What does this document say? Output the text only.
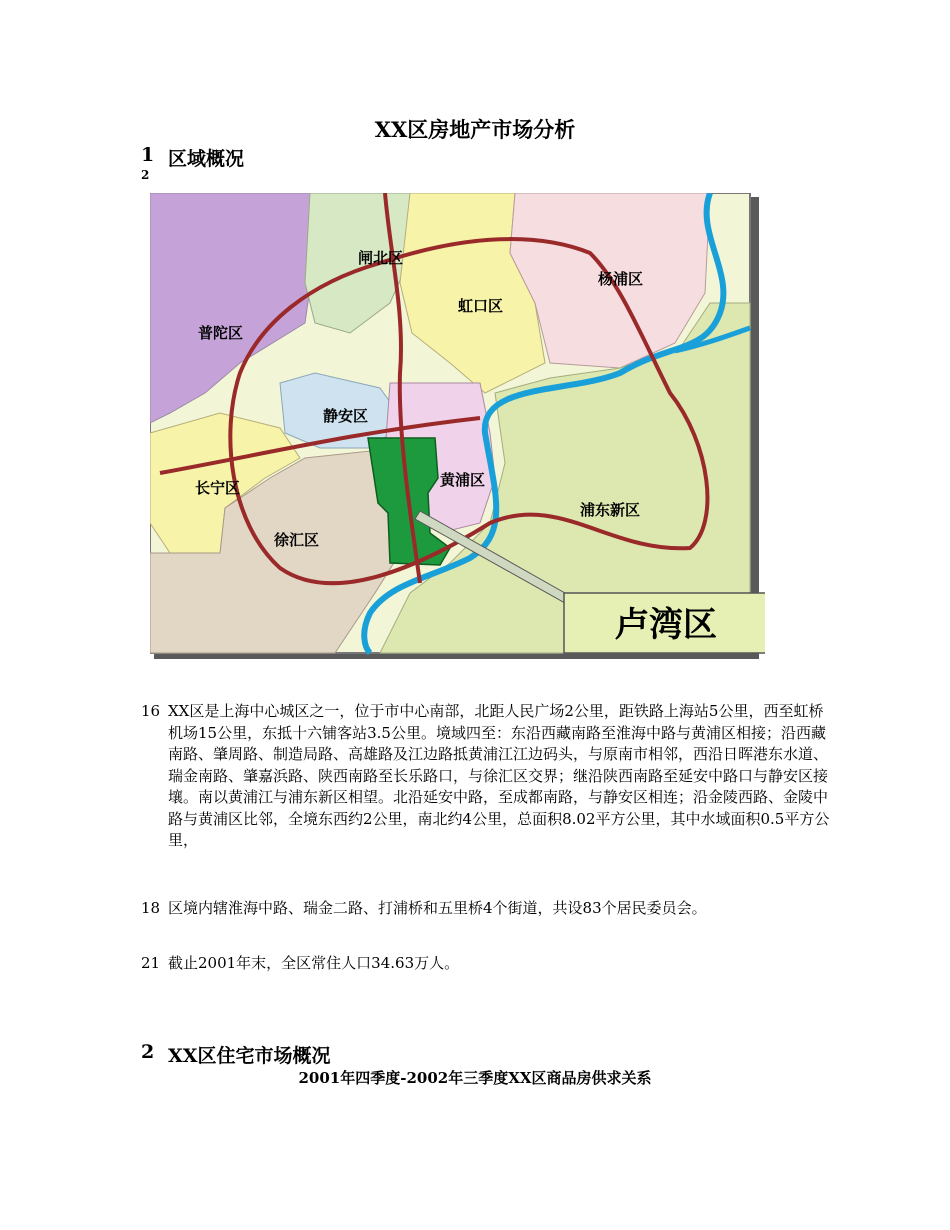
XX区房地产市场分析
1 区域概况
2
闸北区
杨浦区
虹口区
普陀区
静安区
黄浦区
长宁区
浦东新区
徐汇区
卢湾区
16 XX区是上海中心城区之一，位于市中心南部，北距人民广场2公里，距铁路上海站5公里，西至虹桥机场15公里，东抵十六铺客站3.5公里。境域四至：东沿西藏南路至淮海中路与黄浦区相接；沿西藏南路、肇周路、制造局路、高雄路及江边路抵黄浦江江边码头，与原南市相邻，西沿日晖港东水道、瑞金南路、肇嘉浜路、陕西南路至长乐路口，与徐汇区交界；继沿陕西南路至延安中路口与静安区接壤。南以黄浦江与浦东新区相望。北沿延安中路，至成都南路，与静安区相连；沿金陵西路、金陵中路与黄浦区比邻，全境东西约2公里，南北约4公里，总面积8.02平方公里，其中水域面积0.5平方公里，
18 区境内辖淮海中路、瑞金二路、打浦桥和五里桥4个街道，共设83个居民委员会。
21 截止2001年末，全区常住人口34.63万人。
2 XX区住宅市场概况
2001年四季度-2002年三季度XX区商品房供求关系
